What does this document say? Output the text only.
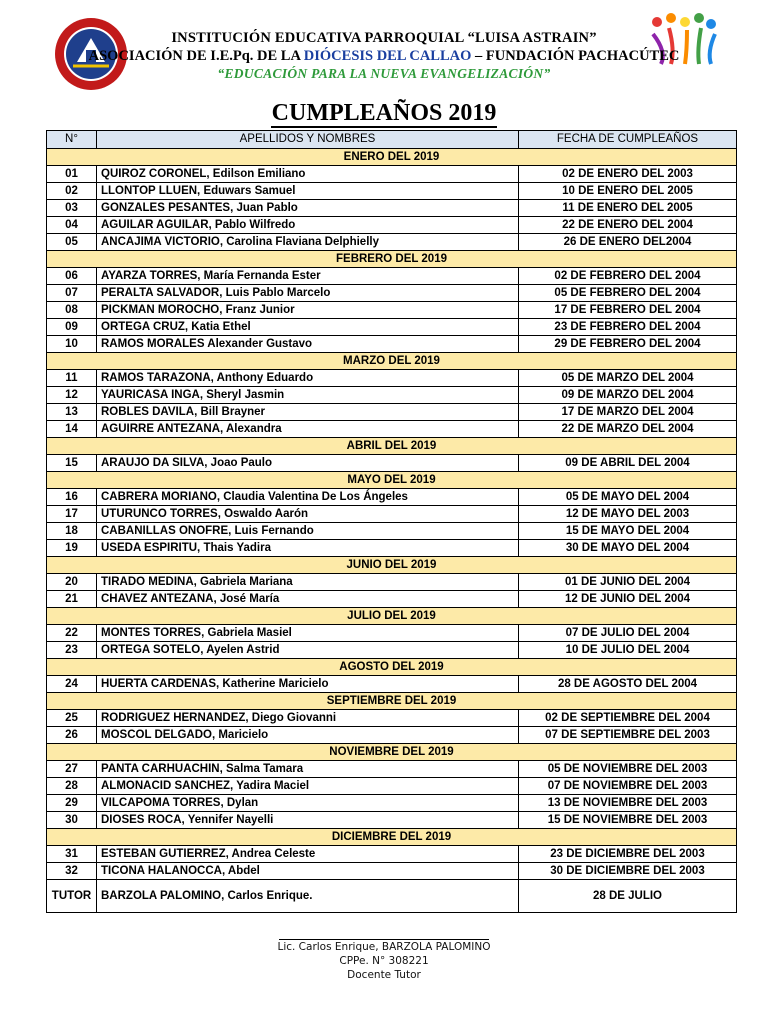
INSTITUCIÓN EDUCATIVA PARROQUIAL “LUISA ASTRAIN”
ASOCIACIÓN DE I.E.Pq. DE LA DIÓCESIS DEL CALLAO – FUNDACIÓN PACHACÚTEC
“EDUCACIÓN PARA LA NUEVA EVANGELIZACIÓN”
CUMPLEAÑOS 2019
N°	APELLIDOS Y NOMBRES	FECHA DE CUMPLEAÑOS
ENERO DEL 2019		
01	QUIROZ CORONEL, Edilson Emiliano	02 DE ENERO DEL 2003
02	LLONTOP LLUEN, Eduwars Samuel	10 DE ENERO DEL 2005
03	GONZALES PESANTES, Juan Pablo	11 DE ENERO DEL 2005
04	AGUILAR AGUILAR, Pablo Wilfredo	22 DE ENERO DEL 2004
05	ANCAJIMA VICTORIO, Carolina Flaviana Delphielly	26 DE ENERO DEL2004
FEBRERO DEL 2019		
06	AYARZA TORRES, María Fernanda Ester	02 DE FEBRERO DEL 2004
07	PERALTA SALVADOR, Luis Pablo Marcelo	05 DE FEBRERO DEL 2004
08	PICKMAN MOROCHO, Franz Junior	17 DE FEBRERO DEL 2004
09	ORTEGA CRUZ, Katia Ethel	23 DE FEBRERO DEL 2004
10	RAMOS MORALES Alexander Gustavo	29 DE FEBRERO DEL 2004
MARZO DEL 2019		
11	RAMOS TARAZONA, Anthony Eduardo	05 DE MARZO DEL 2004
12	YAURICASA INGA, Sheryl Jasmin	09 DE MARZO DEL 2004
13	ROBLES DAVILA, Bill Brayner	17 DE MARZO DEL 2004
14	AGUIRRE ANTEZANA, Alexandra	22 DE MARZO DEL 2004
ABRIL DEL 2019		
15	ARAUJO DA SILVA, Joao Paulo	09 DE ABRIL DEL 2004
MAYO DEL 2019		
16	CABRERA MORIANO, Claudia Valentina De Los Ángeles	05 DE MAYO DEL 2004
17	UTURUNCO TORRES, Oswaldo Aarón	12 DE MAYO DEL 2003
18	CABANILLAS ONOFRE, Luis Fernando	15 DE MAYO DEL 2004
19	USEDA ESPIRITU, Thais Yadira	30 DE MAYO DEL 2004
JUNIO DEL 2019		
20	TIRADO MEDINA, Gabriela Mariana	01 DE JUNIO DEL 2004
21	CHAVEZ ANTEZANA, José María	12 DE JUNIO DEL 2004
JULIO DEL 2019		
22	MONTES TORRES, Gabriela Masiel	07 DE JULIO DEL 2004
23	ORTEGA SOTELO, Ayelen Astrid	10 DE JULIO DEL 2004
AGOSTO DEL 2019		
24	HUERTA CARDENAS, Katherine Maricielo	28 DE AGOSTO DEL 2004
SEPTIEMBRE DEL 2019		
25	RODRIGUEZ HERNANDEZ, Diego Giovanni	02 DE SEPTIEMBRE DEL 2004
26	MOSCOL DELGADO, Maricielo	07 DE SEPTIEMBRE DEL 2003
NOVIEMBRE DEL 2019		
27	PANTA CARHUACHIN, Salma Tamara	05 DE NOVIEMBRE DEL 2003
28	ALMONACID SANCHEZ, Yadira Maciel	07 DE NOVIEMBRE DEL 2003
29	VILCAPOMA TORRES, Dylan	13 DE NOVIEMBRE DEL 2003
30	DIOSES ROCA, Yennifer Nayelli	15 DE NOVIEMBRE DEL 2003
DICIEMBRE DEL 2019		
31	ESTEBAN GUTIERREZ, Andrea Celeste	23 DE DICIEMBRE DEL 2003
32	TICONA HALANOCCA, Abdel	30 DE DICIEMBRE DEL 2003
TUTOR	BARZOLA PALOMINO, Carlos Enrique.	28 DE JULIO
Lic. Carlos Enrique, BARZOLA PALOMINO
CPPe. N° 308221
Docente Tutor
